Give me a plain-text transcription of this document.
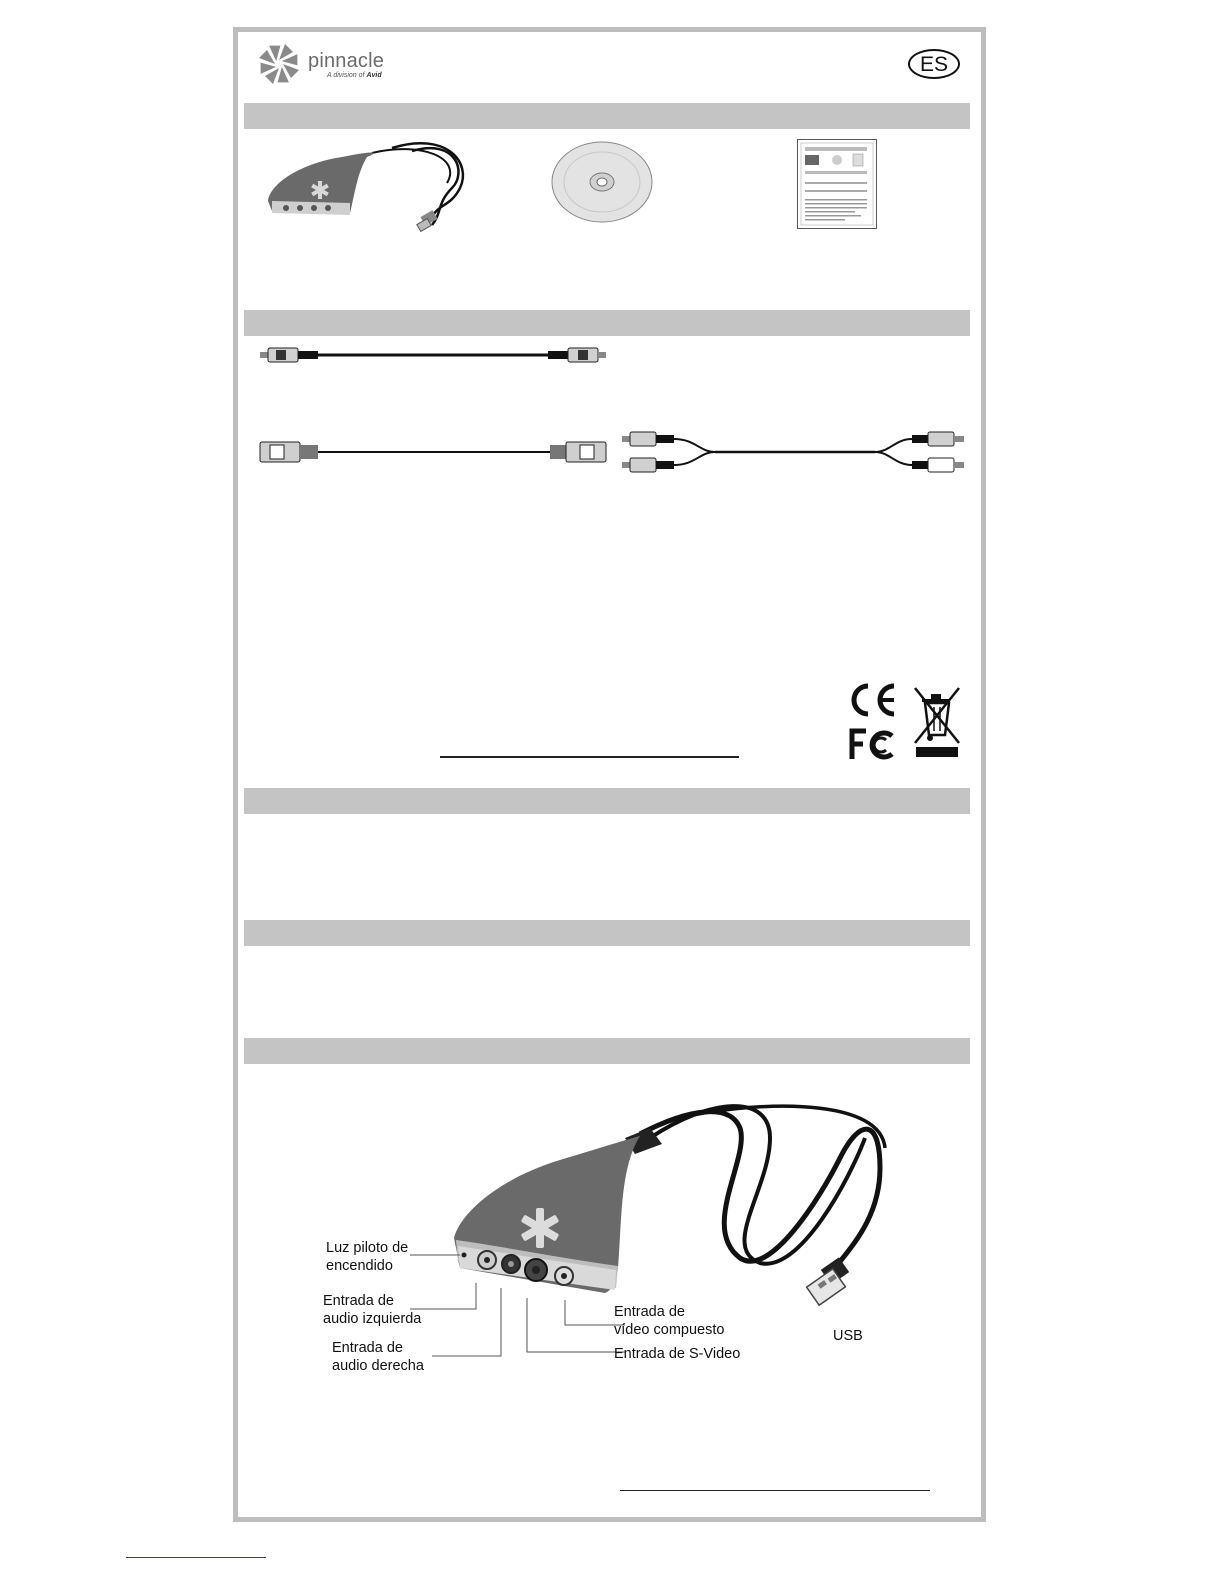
pinnacle
A division of Avid	ES
Luz piloto de
encendido
Entrada de
audio izquierda
Entrada de
audio derecha
Entrada de
vídeo compuesto
Entrada de S-Video
USB
